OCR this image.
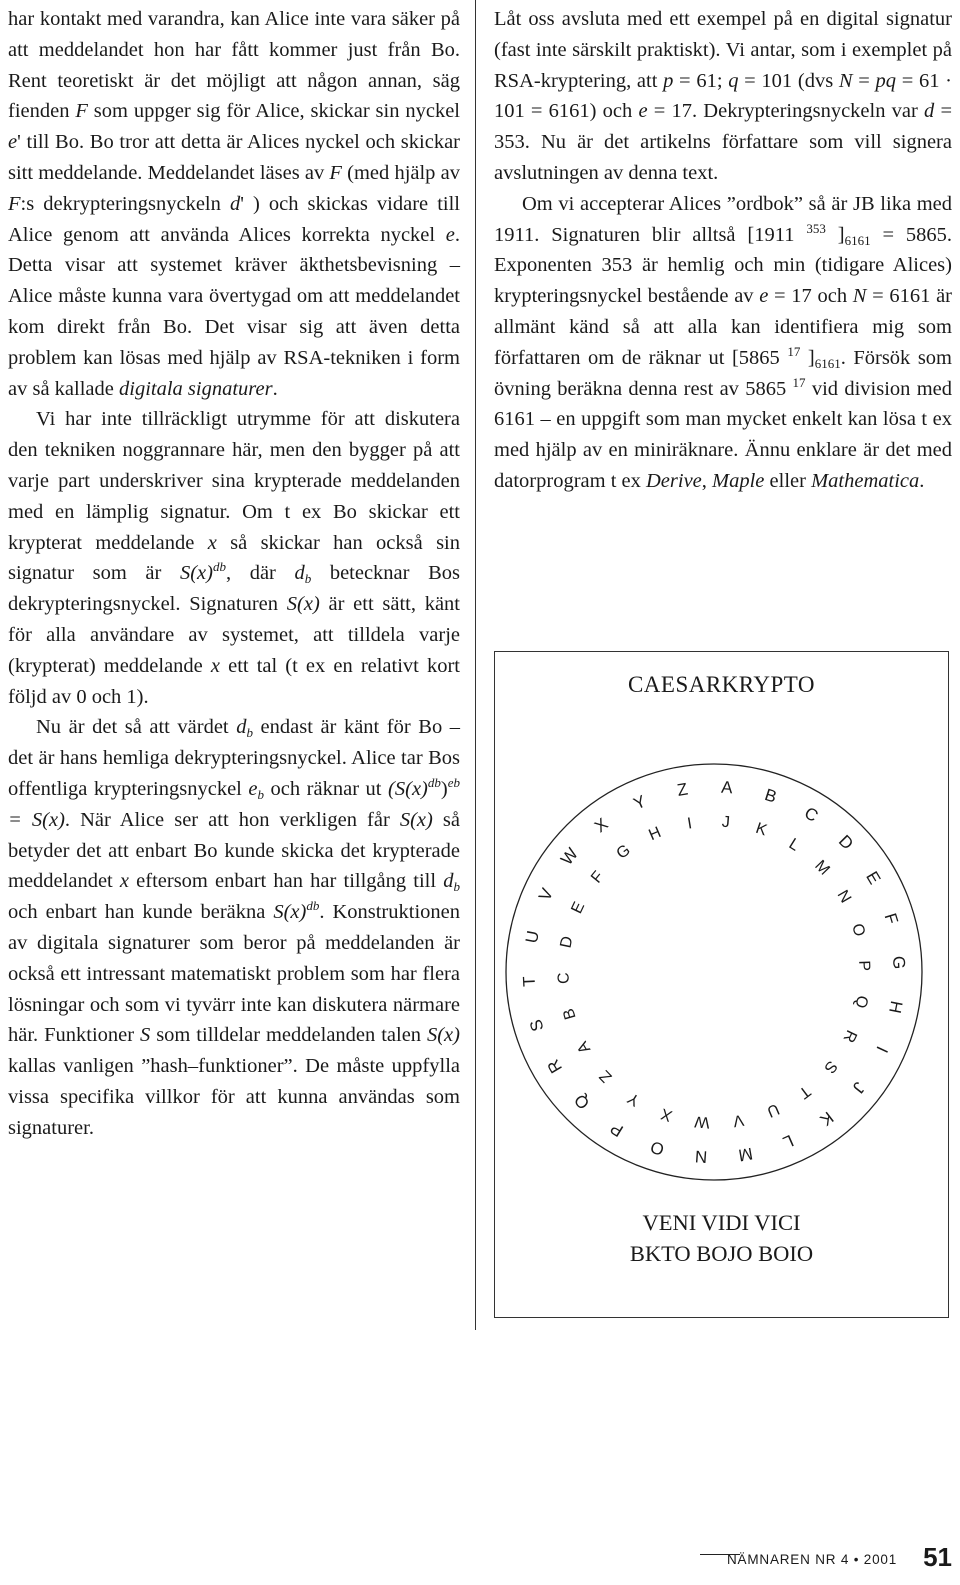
har kontakt med varandra, kan Alice inte vara säker på att meddelandet hon har fått kommer just från Bo. Rent teoretiskt är det möjligt att någon annan, säg fienden F som uppger sig för Alice, skickar sin nyckel e' till Bo. Bo tror att detta är Alices nyckel och skickar sitt meddelande. Meddelandet läses av F (med hjälp av F:s dekrypteringsnyckeln d' ) och skickas vidare till Alice genom att använda Alices korrekta nyckel e. Detta visar att systemet kräver äkthetsbevisning – Alice måste kunna vara övertygad om att meddelandet kom direkt från Bo. Det visar sig att även detta problem kan lösas med hjälp av RSA-tekniken i form av så kallade digitala signaturer.

Vi har inte tillräckligt utrymme för att diskutera den tekniken noggrannare här, men den bygger på att varje part underskriver sina krypterade meddelanden med en lämplig signatur. Om t ex Bo skickar ett krypterat meddelande x så skickar han också sin signatur som är $S(x)^{db}$, där $d_b$ betecknar Bos dekrypteringsnyckel. Signaturen S(x) är ett sätt, känt för alla användare av systemet, att tilldela varje (krypterat) meddelande x ett tal (t ex en relativt kort följd av 0 och 1).

Nu är det så att värdet $d_b$ endast är känt för Bo – det är hans hemliga dekrypteringsnyckel. Alice tar Bos offentliga krypteringsnyckel $e_b$ och räknar ut $(S(x)^{db})^{eb} = S(x)$. När Alice ser att hon verkligen får S(x) så betyder det att enbart Bo kunde skicka det krypterade meddelandet x eftersom enbart han har tillgång till $d_b$ och enbart han kunde beräkna $S(x)^{db}$. Konstruktionen av digitala signaturer som beror på meddelanden är också ett intressant matematiskt problem som har flera lösningar och som vi tyvärr inte kan diskutera närmare här. Funktioner S som tilldelar meddelanden talen S(x) kallas vanligen ”hash–funktioner”. De måste uppfylla vissa specifika villkor för att kunna användas som signaturer.

Låt oss avsluta med ett exempel på en digital signatur (fast inte särskilt praktiskt). Vi antar, som i exemplet på RSA-kryptering, att p = 61; q = 101 (dvs N = pq = 61 · 101 = 6161) och e = 17. Dekrypteringsnyckeln var d = 353. Nu är det artikelns författare som vill signera avslutningen av denna text.

Om vi accepterar Alices ”ordbok” så är JB lika med 1911. Signaturen blir alltså [1911 $^{353}$ ]$_{6161} = 5865$. Exponenten 353 är hemlig och min (tidigare Alices) krypteringsnyckel bestående av e = 17 och N = 6161 är allmänt känd så att alla kan identifiera mig som författaren om de räknar ut [5865 $^{17}$ ]$_{6161}$. Försök som övning beräkna denna rest av 5865 $^{17}$ vid division med 6161 – en uppgift som man mycket enkelt kan lösa t ex med hjälp av en miniräknare. Ännu enklare är det med datorprogram t ex Derive, Maple eller Mathematica.

CAESARKRYPTO
A B
C
D
E
F
G
H
I
J
K
L
M
N
O
P
Q
R
S
T
U
V
W
X
Y
Z
G
H
I J K
L
M
N
O
P
Q
R
S
T
U
V
W
X
Y
Z
A
B
C
D
E
F
VENI VIDI VICI
BKTO BOJO BOIO
NÄMNAREN NR 4 • 2001 51
